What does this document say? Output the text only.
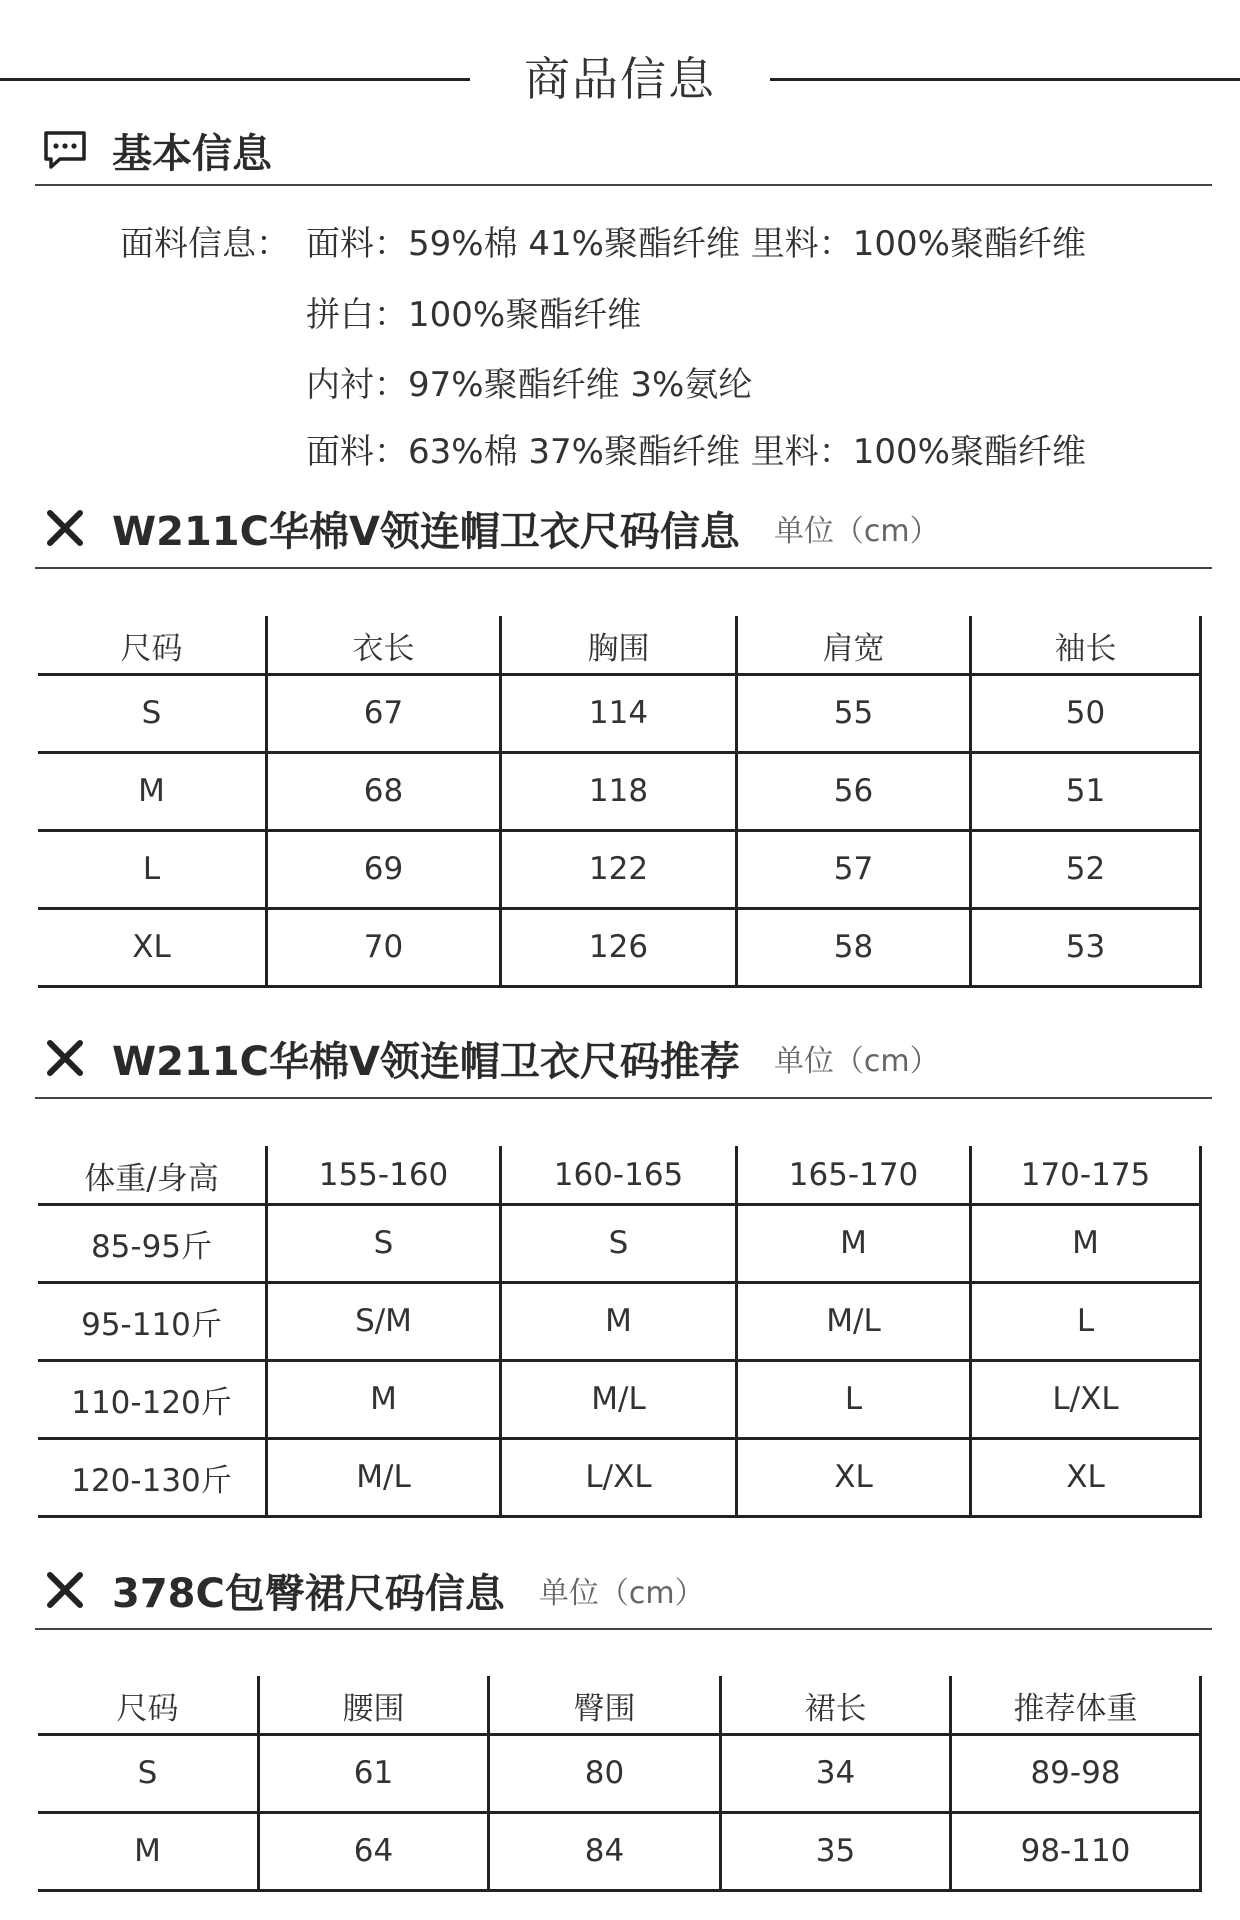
商品信息
基本信息
面料信息： 面料：59%棉 41%聚酯纤维 里料：100%聚酯纤维
拼白：100%聚酯纤维
内衬：97%聚酯纤维 3%氨纶
面料：63%棉 37%聚酯纤维 里料：100%聚酯纤维
W211C华棉V领连帽卫衣尺码信息 单位（cm）
尺码	衣长	胸围	肩宽	袖长
S	67	114	55	50
M	68	118	56	51
L	69	122	57	52
XL	70	126	58	53
W211C华棉V领连帽卫衣尺码推荐 单位（cm）
体重/身高	155-160	160-165	165-170	170-175
85-95斤	S	S	M	M
95-110斤	S/M	M	M/L	L
110-120斤	M	M/L	L	L/XL
120-130斤	M/L	L/XL	XL	XL
378C包臀裙尺码信息 单位（cm）
尺码	腰围	臀围	裙长	推荐体重
S	61	80	34	89-98
M	64	84	35	98-110
